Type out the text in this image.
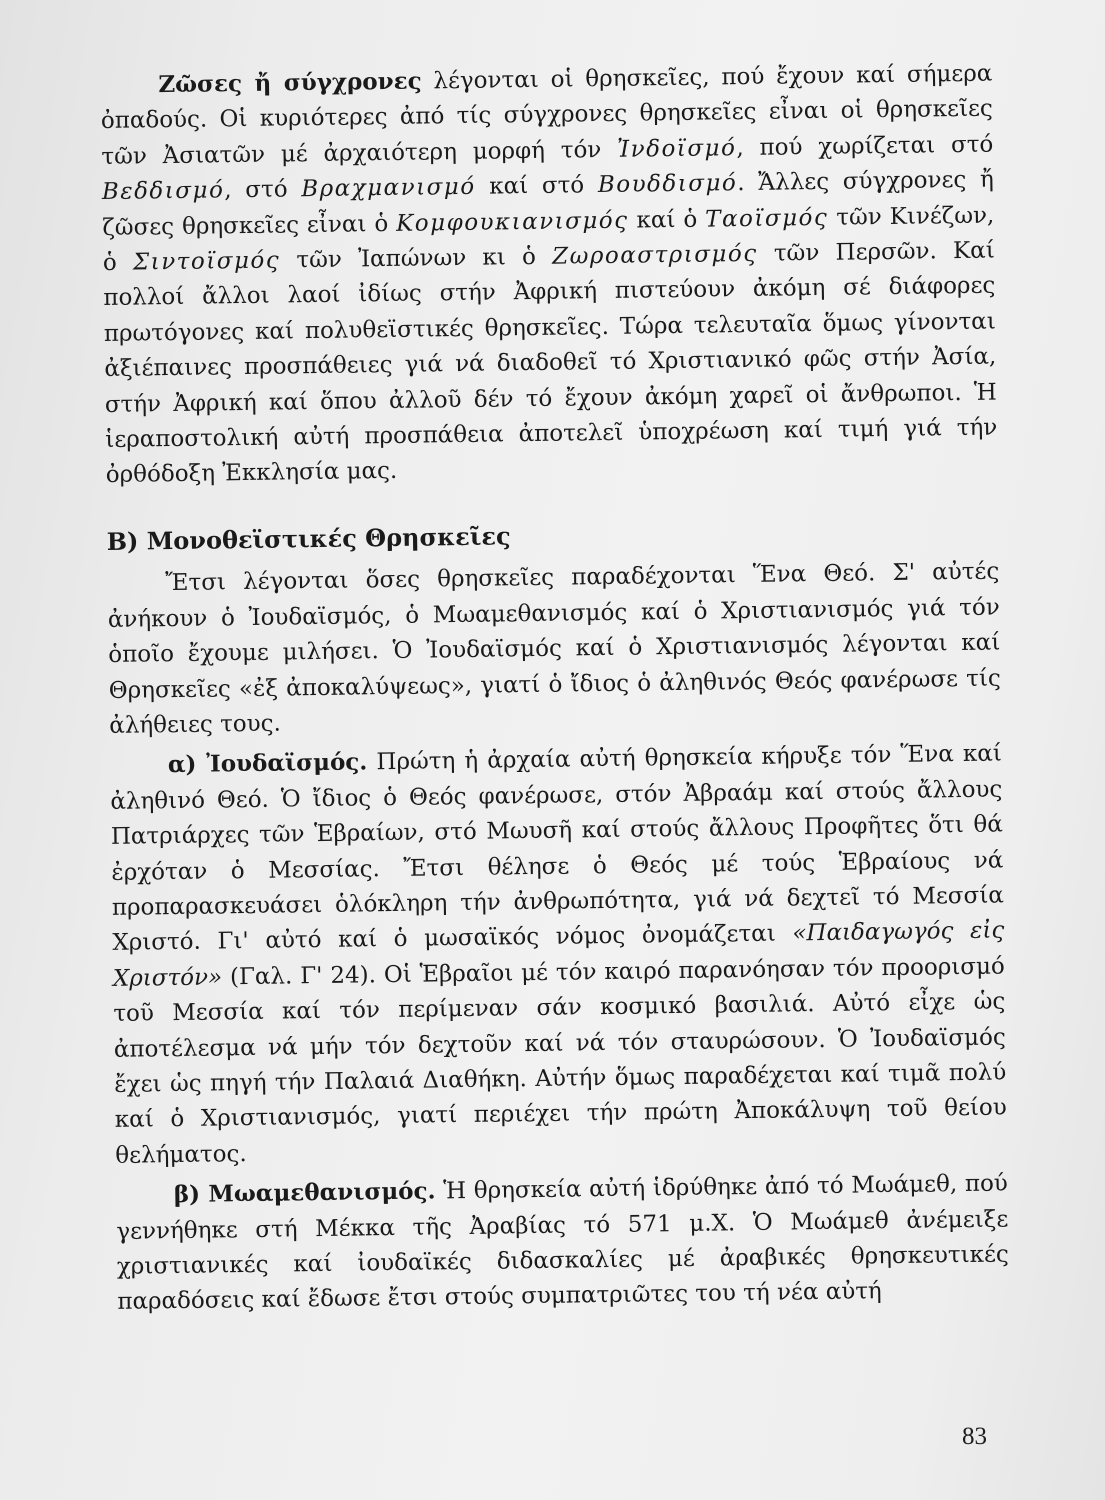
Ζῶσες ἤ σύγχρονες λέγονται οἱ θρησκεῖες, πού ἔχουν καί σήμερα ὀπαδούς. Οἱ κυριότερες ἀπό τίς σύγχρονες θρησκεῖες εἶναι οἱ θρησκεῖες τῶν Ἀσιατῶν μέ ἀρχαιότερη μορφή τόν Ἰνδοϊσμό, πού χωρίζεται στό Βεδδισμό, στό Βραχμανισμό καί στό Βουδδισμό. Ἄλλες σύγχρονες ἤ ζῶσες θρησκεῖες εἶναι ὁ Κομφουκιανισμός καί ὁ Ταοϊσμός τῶν Κινέζων, ὁ Σιντοϊσμός τῶν Ἰαπώνων κι ὁ Ζωροαστρισμός τῶν Περσῶν. Καί πολλοί ἄλλοι λαοί ἰδίως στήν Ἀφρική πιστεύουν ἀκόμη σέ διάφορες πρωτόγονες καί πολυθεϊστικές θρησκεῖες. Τώρα τελευταῖα ὅμως γίνονται ἀξιέπαινες προσπάθειες γιά νά διαδοθεῖ τό Χριστιανικό φῶς στήν Ἀσία, στήν Ἀφρική καί ὅπου ἀλλοῦ δέν τό ἔχουν ἀκόμη χαρεῖ οἱ ἄνθρωποι. Ἡ ἱεραποστολική αὐτή προσπάθεια ἀποτελεῖ ὑποχρέωση καί τιμή γιά τήν ὀρθόδοξη Ἐκκλησία μας.

Β) Μονοθεϊστικές Θρησκεῖες

Ἔτσι λέγονται ὅσες θρησκεῖες παραδέχονται Ἕνα Θεό. Σ' αὐτές ἀνήκουν ὁ Ἰουδαϊσμός, ὁ Μωαμεθανισμός καί ὁ Χριστιανισμός γιά τόν ὁποῖο ἔχουμε μιλήσει. Ὁ Ἰουδαϊσμός καί ὁ Χριστιανισμός λέγονται καί Θρησκεῖες «ἐξ ἀποκαλύψεως», γιατί ὁ ἴδιος ὁ ἀληθινός Θεός φανέρωσε τίς ἀλήθειες τους.

α) Ἰουδαϊσμός. Πρώτη ἡ ἀρχαία αὐτή θρησκεία κήρυξε τόν Ἕνα καί ἀληθινό Θεό. Ὁ ἴδιος ὁ Θεός φανέρωσε, στόν Ἀβραάμ καί στούς ἄλλους Πατριάρχες τῶν Ἑβραίων, στό Μωυσῆ καί στούς ἄλλους Προφῆτες ὅτι θά ἐρχόταν ὁ Μεσσίας. Ἔτσι θέλησε ὁ Θεός μέ τούς Ἑβραίους νά προπαρασκευάσει ὁλόκληρη τήν ἀνθρωπότητα, γιά νά δεχτεῖ τό Μεσσία Χριστό. Γι' αὐτό καί ὁ μωσαϊκός νόμος ὀνομάζεται «Παιδαγωγός εἰς Χριστόν» (Γαλ. Γ' 24). Οἱ Ἑβραῖοι μέ τόν καιρό παρανόησαν τόν προορισμό τοῦ Μεσσία καί τόν περίμεναν σάν κοσμικό βασιλιά. Αὐτό εἶχε ὡς ἀποτέλεσμα νά μήν τόν δεχτοῦν καί νά τόν σταυρώσουν. Ὁ Ἰουδαϊσμός ἔχει ὡς πηγή τήν Παλαιά Διαθήκη. Αὐτήν ὅμως παραδέχεται καί τιμᾶ πολύ καί ὁ Χριστιανισμός, γιατί περιέχει τήν πρώτη Ἀποκάλυψη τοῦ θείου θελήματος.

β) Μωαμεθανισμός. Ἡ θρησκεία αὐτή ἱδρύθηκε ἀπό τό Μωάμεθ, πού γεννήθηκε στή Μέκκα τῆς Ἀραβίας τό 571 μ.Χ. Ὁ Μωάμεθ ἀνέμειξε χριστιανικές καί ἰουδαϊκές διδασκαλίες μέ ἀραβικές θρησκευτικές παραδόσεις καί ἔδωσε ἔτσι στούς συμπατριῶτες του τή νέα αὐτή

83
